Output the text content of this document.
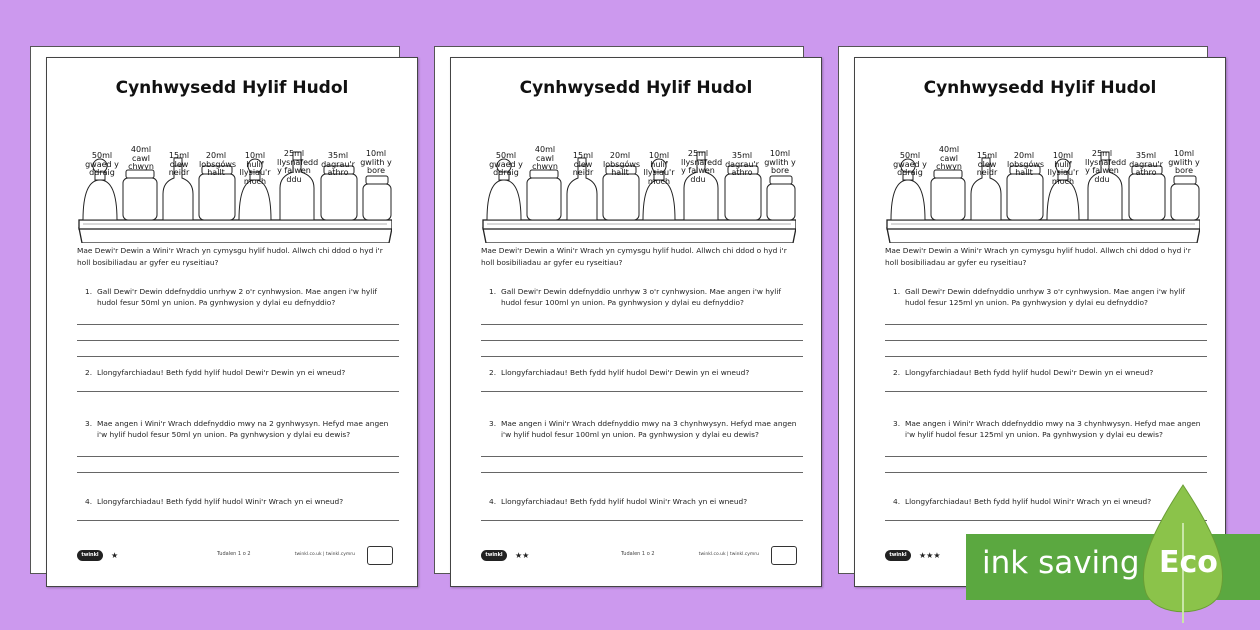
Cynhwysedd Hylif Hudol
50ml gwaed y ddraig
40ml cawl chwyn
15ml olew neidr
20ml lobsgóws hallt
10ml hulif llysiau'r moch
25ml llysnafedd y falwen ddu
35ml dagrau'r athro
10ml gwlith y bore
Mae Dewi'r Dewin a Wini'r Wrach yn cymysgu hylif hudol. Allwch chi ddod o hyd i'r holl bosibiliadau ar gyfer eu ryseitiau?
1. Gall Dewi'r Dewin ddefnyddio unrhyw 2 o'r cynhwysion. Mae angen i'w hylif hudol fesur 50ml yn union. Pa gynhwysion y dylai eu defnyddio?
2. Llongyfarchiadau! Beth fydd hylif hudol Dewi'r Dewin yn ei wneud?
3. Mae angen i Wini'r Wrach ddefnyddio mwy na 2 gynhwysyn. Hefyd mae angen i'w hylif hudol fesur 50ml yn union. Pa gynhwysion y dylai eu dewis?
4. Llongyfarchiadau! Beth fydd hylif hudol Wini'r Wrach yn ei wneud?
twinkl	★	Tudalen 1 o 2	twinkl.co.uk | twinkl.cymru
Cynhwysedd Hylif Hudol
50ml gwaed y ddraig
40ml cawl chwyn
15ml olew neidr
20ml lobsgóws hallt
10ml hulif llysiau'r moch
25ml llysnafedd y falwen ddu
35ml dagrau'r athro
10ml gwlith y bore
Mae Dewi'r Dewin a Wini'r Wrach yn cymysgu hylif hudol. Allwch chi ddod o hyd i'r holl bosibiliadau ar gyfer eu ryseitiau?
1. Gall Dewi'r Dewin ddefnyddio unrhyw 3 o'r cynhwysion. Mae angen i'w hylif hudol fesur 100ml yn union. Pa gynhwysion y dylai eu defnyddio?
2. Llongyfarchiadau! Beth fydd hylif hudol Dewi'r Dewin yn ei wneud?
3. Mae angen i Wini'r Wrach ddefnyddio mwy na 3 chynhwysyn. Hefyd mae angen i'w hylif hudol fesur 100ml yn union. Pa gynhwysion y dylai eu dewis?
4. Llongyfarchiadau! Beth fydd hylif hudol Wini'r Wrach yn ei wneud?
twinkl	★★	Tudalen 1 o 2	twinkl.co.uk | twinkl.cymru
Cynhwysedd Hylif Hudol
50ml gwaed y ddraig
40ml cawl chwyn
15ml olew neidr
20ml lobsgóws hallt
10ml hulif llysiau'r moch
25ml llysnafedd y falwen ddu
35ml dagrau'r athro
10ml gwlith y bore
Mae Dewi'r Dewin a Wini'r Wrach yn cymysgu hylif hudol. Allwch chi ddod o hyd i'r holl bosibiliadau ar gyfer eu ryseitiau?
1. Gall Dewi'r Dewin ddefnyddio unrhyw 3 o'r cynhwysion. Mae angen i'w hylif hudol fesur 125ml yn union. Pa gynhwysion y dylai eu defnyddio?
2. Llongyfarchiadau! Beth fydd hylif hudol Dewi'r Dewin yn ei wneud?
3. Mae angen i Wini'r Wrach ddefnyddio mwy na 3 chynhwysyn. Hefyd mae angen i'w hylif hudol fesur 125ml yn union. Pa gynhwysion y dylai eu dewis?
4. Llongyfarchiadau! Beth fydd hylif hudol Wini'r Wrach yn ei wneud?
twinkl	★★★ ink saving Eco
